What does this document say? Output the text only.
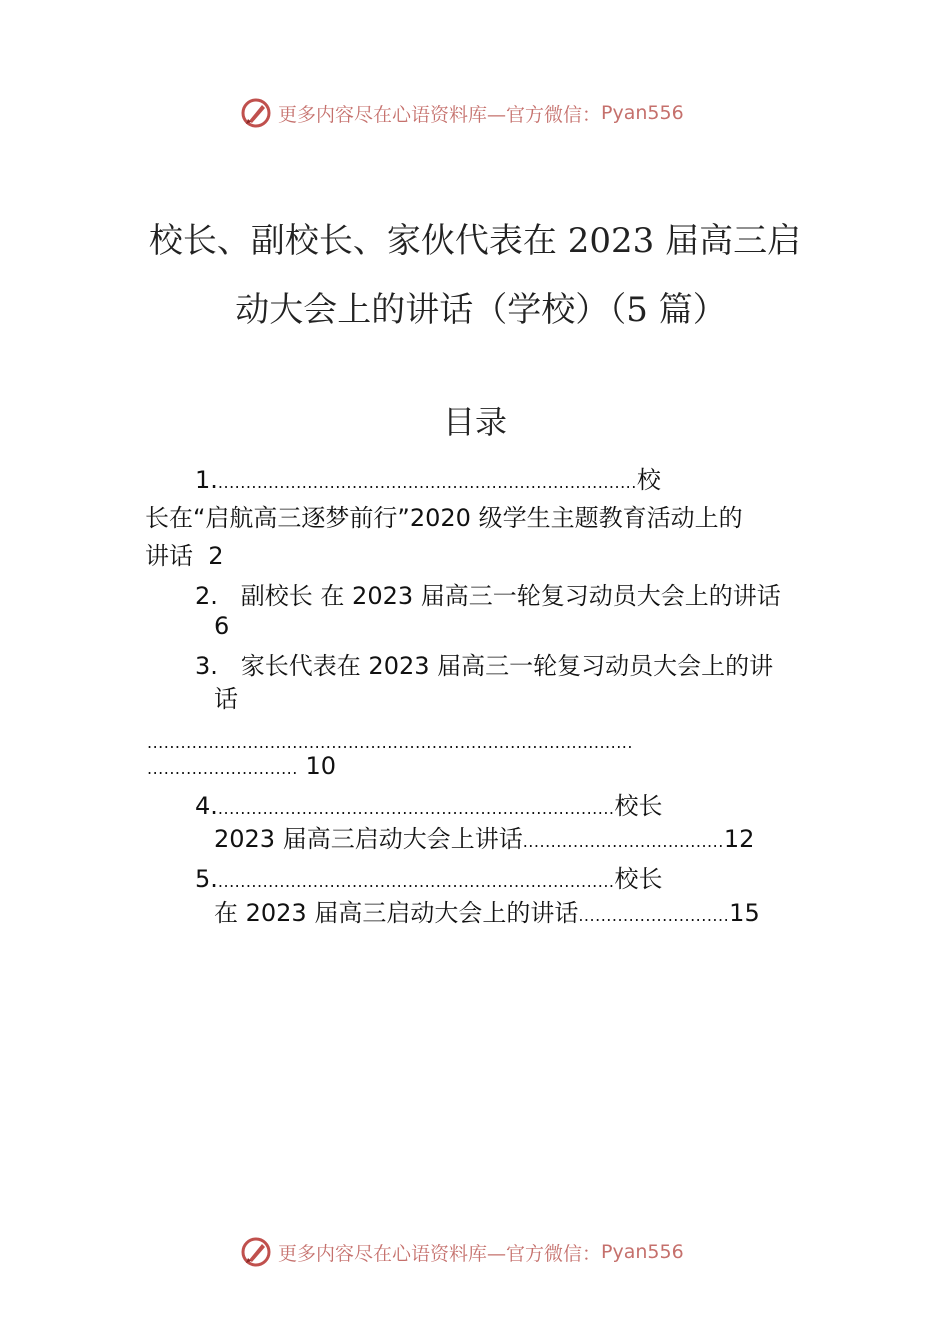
更多内容尽在心语资料库—官方微信： Pyan556
校长、副校长、家伙代表在 2023 届高三启
动大会上的讲话（学校）（5 篇）
目录
1............................................................................校
长在“启航高三逐梦前行”2020 级学生主题教育活动上的
讲话 2
2. 副校长 在 2023 届高三一轮复习动员大会上的讲话
6
3. 家长代表在 2023 届高三一轮复习动员大会上的讲
话
.......................................................................................
........................... 10
4........................................................................校长
2023 届高三启动大会上讲话....................................12
5........................................................................校长
在 2023 届高三启动大会上的讲话...........................15
更多内容尽在心语资料库—官方微信： Pyan556
